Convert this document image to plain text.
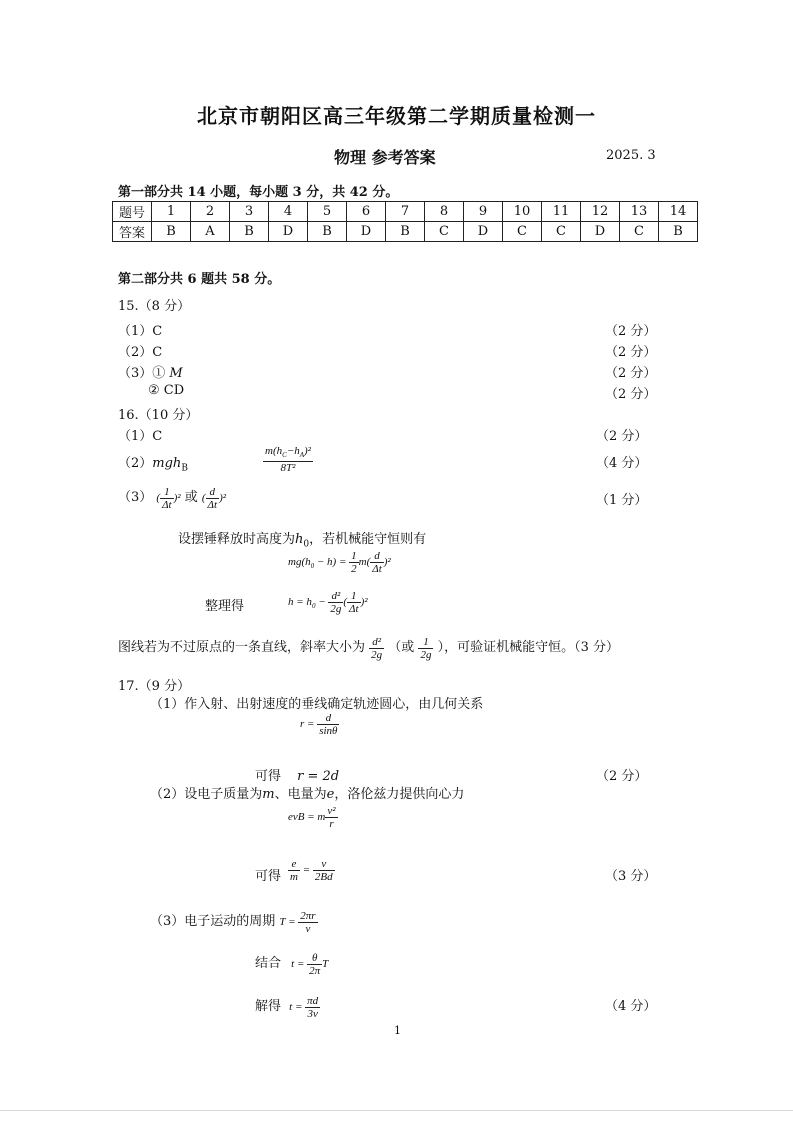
北京市朝阳区高三年级第二学期质量检测一
物理 参考答案	2025. 3
第一部分共 14 小题，每小题 3 分，共 42 分。
题号	1	2	3	4	5	6	7	8	9	10	11	12	13	14
答案	B	A	B	D	B	D	B	C	D	C	C	D	C	B
第二部分共 6 题共 58 分。
15.（8 分）
（1）C	（2 分）
（2）C	（2 分）
（3）① M	（2 分）
② CD	（2 分）
16.（10 分）
（1）C	（2 分）
（2）mgh$_B$	$\frac{m(h_C-h_A)^2}{\text{8T²}}$	（4 分）
（3） ( $\frac{1}{\Delta t} )^2$ 或 ( $\frac{d}{\Delta t} )^2$	（1 分）
设摆锤释放时高度为$h_0$，若机械能守恒则有
$mg(h_0 - h) = \frac{1}{2} m( \frac{d}{\Delta t} )^2$
整理得	$h = h_0 - \frac{\text{d²}}{2g}$ ( $\frac{1}{\Delta t} )^2$
图线若为不过原点的一条直线，斜率大小为 $\frac{\text{d²}}{2g}$ （或 $\frac{1}{2g}$ ），可验证机械能守恒。（3 分）
17.（9 分）
（1）作入射、出射速度的垂线确定轨迹圆心，由几何关系
$r = \frac{d}{\sin\theta}$
可得 r = 2d	（2 分）
（2）设电子质量为m、电量为e，洛伦兹力提供向心力
evB = m $\frac{\text{v²}}{r}$
可得 $\frac{e}{m} = \frac{v}{2Bd}$	（3 分）
（3）电子运动的周期 $T = \frac{2\pi r}{v}$
结合 $t = \frac{\theta}{2\pi}$ T
解得 $t = \frac{\pi d}{3v}$	（4 分）
1
